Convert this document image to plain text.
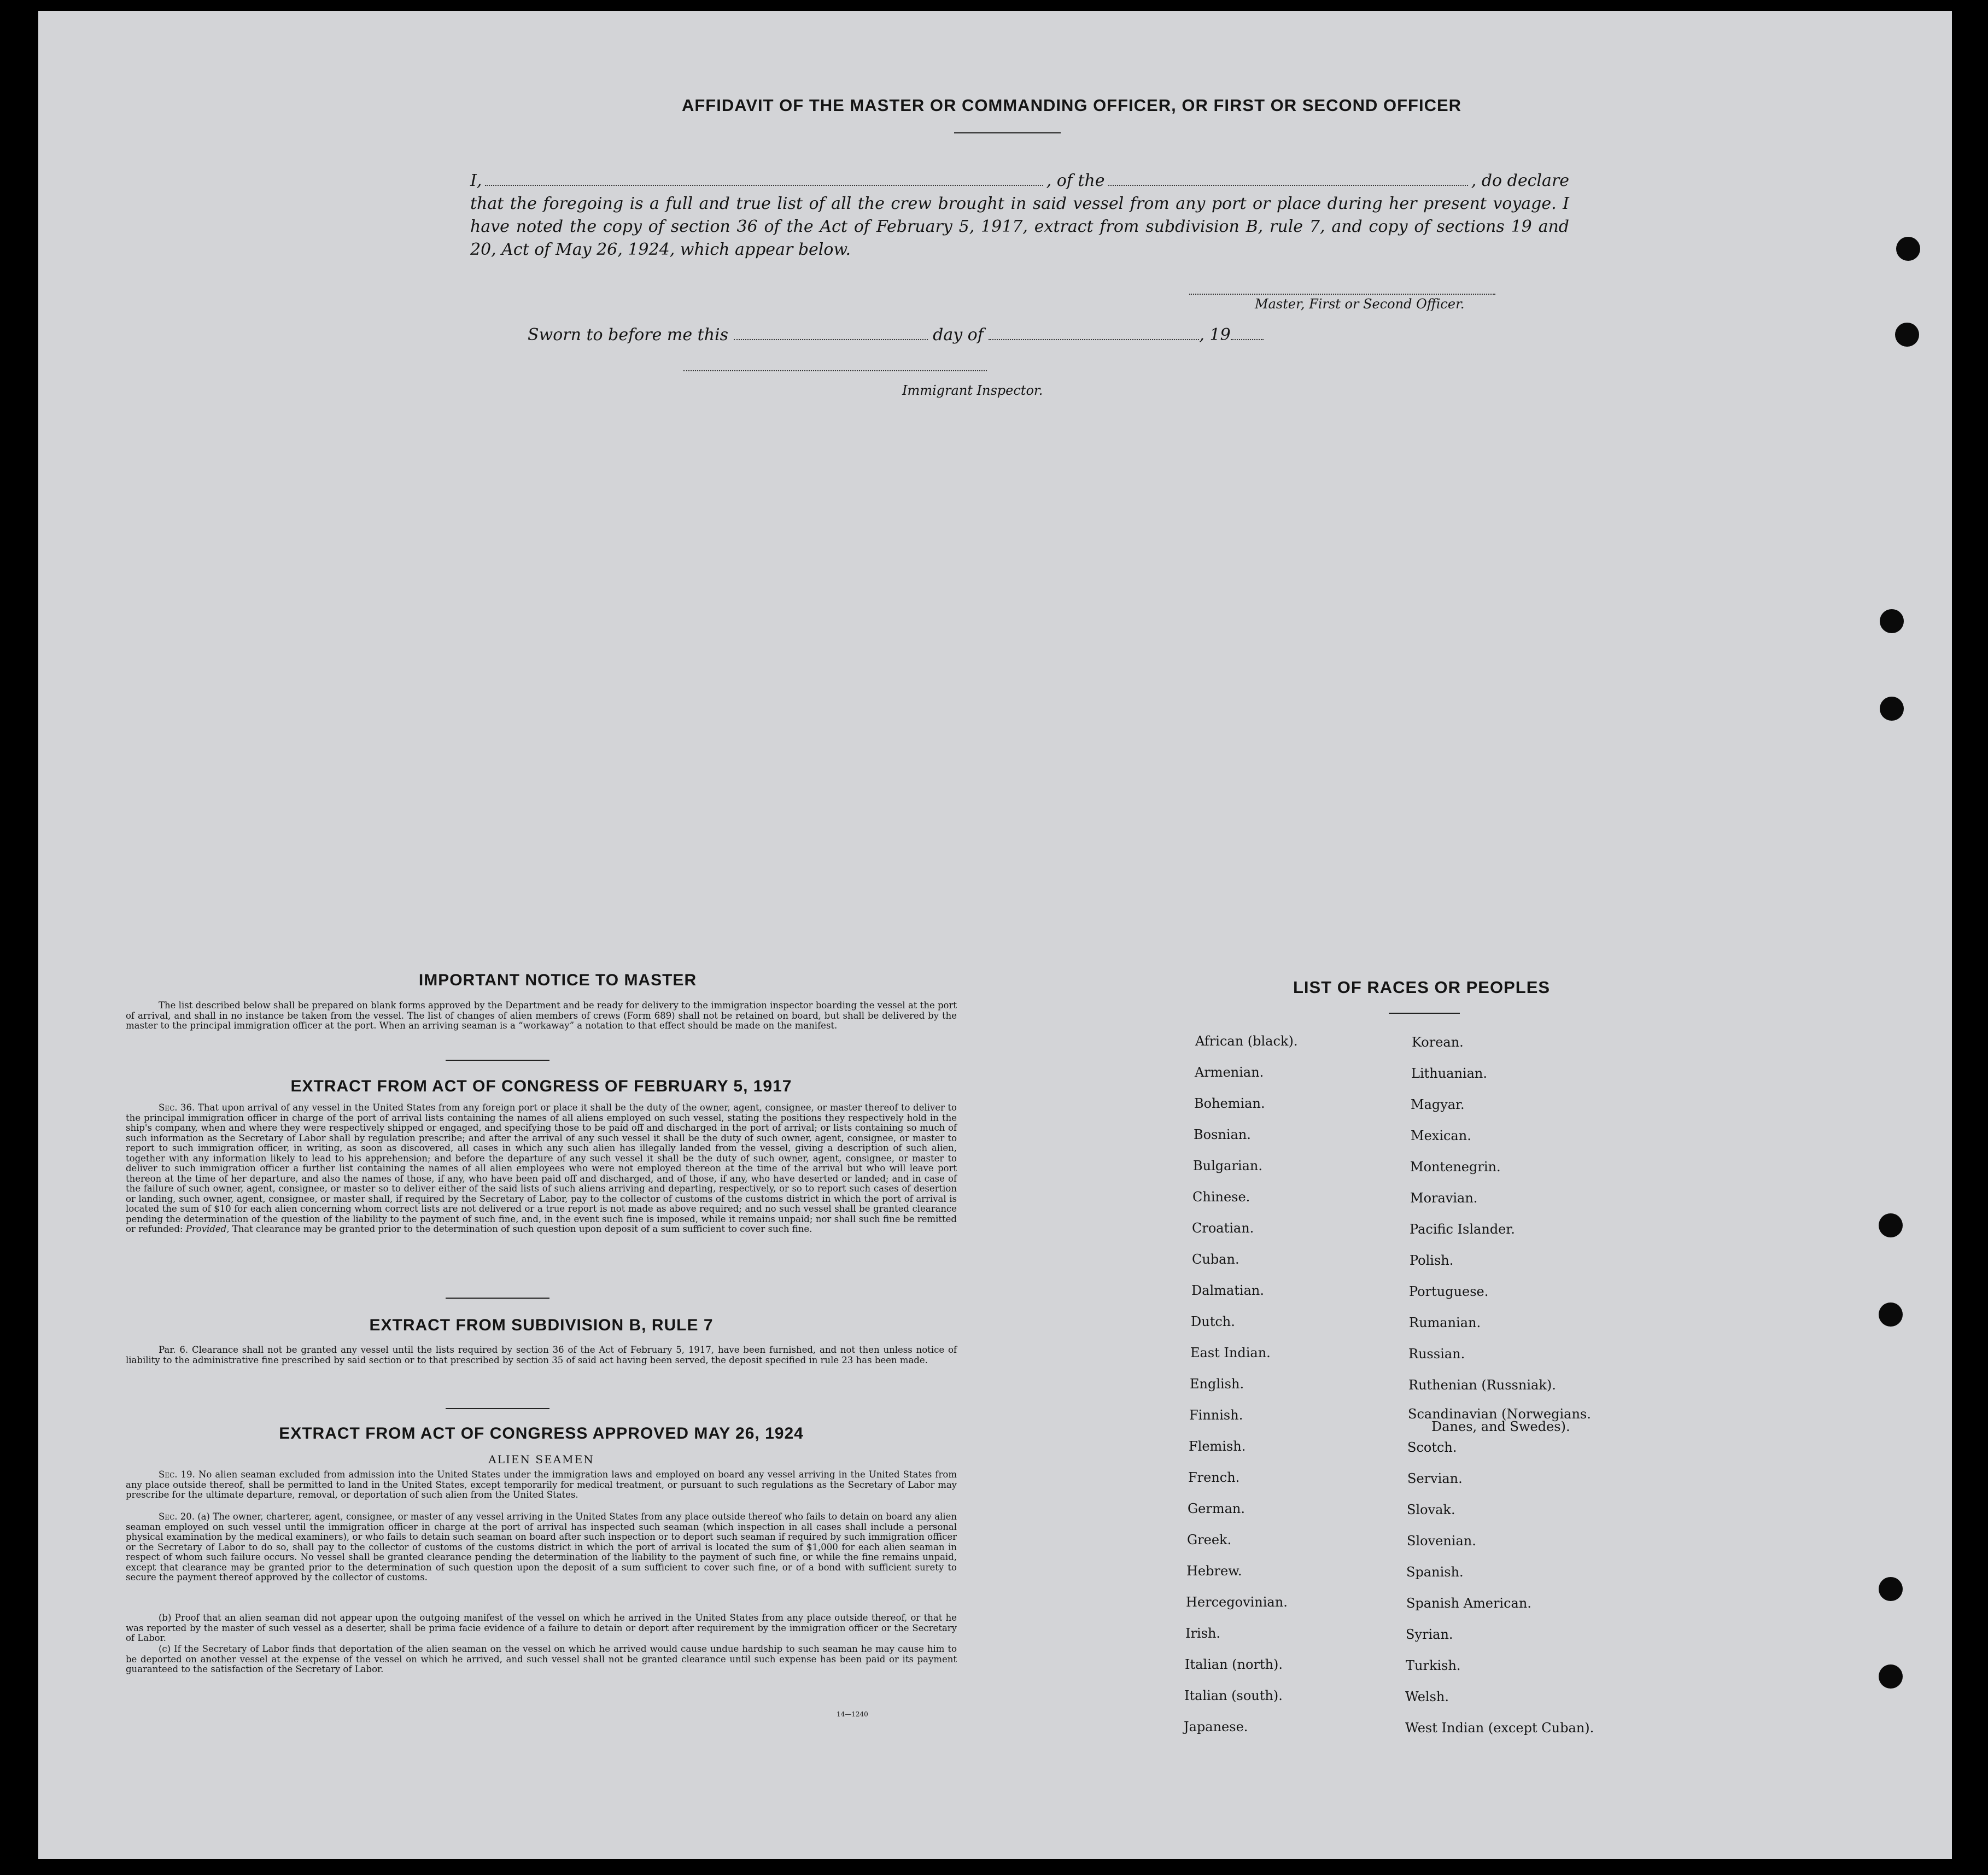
AFFIDAVIT OF THE MASTER OR COMMANDING OFFICER, OR FIRST OR SECOND OFFICER
I,	, of the	, do declare

that the foregoing is a full and true list of all the crew brought in said vessel from any port or place during her present voyage. I have noted the copy of section 36 of the Act of February 5, 1917, extract from subdivision B, rule 7, and copy of sections 19 and 20, Act of May 26, 1924, which appear below.

Master, First or Second Officer.
Sworn to before me this	day of	, 19
Immigrant Inspector.
IMPORTANT NOTICE TO MASTER

The list described below shall be prepared on blank forms approved by the Department and be ready for delivery to the immigration inspector boarding the vessel at the port of arrival, and shall in no instance be taken from the vessel. The list of changes of alien members of crews (Form 689) shall not be retained on board, but shall be delivered by the master to the principal immigration officer at the port. When an arriving seaman is a “workaway” a notation to that effect should be made on the manifest.

EXTRACT FROM ACT OF CONGRESS OF FEBRUARY 5, 1917

Sec. 36. That upon arrival of any vessel in the United States from any foreign port or place it shall be the duty of the owner, agent, consignee, or master thereof to deliver to the principal immigration officer in charge of the port of arrival lists containing the names of all aliens employed on such vessel, stating the positions they respectively hold in the ship's company, when and where they were respectively shipped or engaged, and specifying those to be paid off and discharged in the port of arrival; or lists containing so much of such information as the Secretary of Labor shall by regulation prescribe; and after the arrival of any such vessel it shall be the duty of such owner, agent, consignee, or master to report to such immigration officer, in writing, as soon as discovered, all cases in which any such alien has illegally landed from the vessel, giving a description of such alien, together with any information likely to lead to his apprehension; and before the departure of any such vessel it shall be the duty of such owner, agent, consignee, or master to deliver to such immigration officer a further list containing the names of all alien employees who were not employed thereon at the time of the arrival but who will leave port thereon at the time of her departure, and also the names of those, if any, who have been paid off and discharged, and of those, if any, who have deserted or landed; and in case of the failure of such owner, agent, consignee, or master so to deliver either of the said lists of such aliens arriving and departing, respectively, or so to report such cases of desertion or landing, such owner, agent, consignee, or master shall, if required by the Secretary of Labor, pay to the collector of customs of the customs district in which the port of arrival is located the sum of $10 for each alien concerning whom correct lists are not delivered or a true report is not made as above required; and no such vessel shall be granted clearance pending the determination of the question of the liability to the payment of such fine, and, in the event such fine is imposed, while it remains unpaid; nor shall such fine be remitted or refunded: Provided, That clearance may be granted prior to the determination of such question upon deposit of a sum sufficient to cover such fine.

EXTRACT FROM SUBDIVISION B, RULE 7

Par. 6. Clearance shall not be granted any vessel until the lists required by section 36 of the Act of February 5, 1917, have been furnished, and not then unless notice of liability to the administrative fine prescribed by said section or to that prescribed by section 35 of said act having been served, the deposit specified in rule 23 has been made.

EXTRACT FROM ACT OF CONGRESS APPROVED MAY 26, 1924
ALIEN SEAMEN

Sec. 19. No alien seaman excluded from admission into the United States under the immigration laws and employed on board any vessel arriving in the United States from any place outside thereof, shall be permitted to land in the United States, except temporarily for medical treatment, or pursuant to such regulations as the Secretary of Labor may prescribe for the ultimate departure, removal, or deportation of such alien from the United States.

Sec. 20. (a) The owner, charterer, agent, consignee, or master of any vessel arriving in the United States from any place outside thereof who fails to detain on board any alien seaman employed on such vessel until the immigration officer in charge at the port of arrival has inspected such seaman (which inspection in all cases shall include a personal physical examination by the medical examiners), or who fails to detain such seaman on board after such inspection or to deport such seaman if required by such immigration officer or the Secretary of Labor to do so, shall pay to the collector of customs of the customs district in which the port of arrival is located the sum of $1,000 for each alien seaman in respect of whom such failure occurs. No vessel shall be granted clearance pending the determination of the liability to the payment of such fine, or while the fine remains unpaid, except that clearance may be granted prior to the determination of such question upon the deposit of a sum sufficient to cover such fine, or of a bond with sufficient surety to secure the payment thereof approved by the collector of customs.

(b) Proof that an alien seaman did not appear upon the outgoing manifest of the vessel on which he arrived in the United States from any place outside thereof, or that he was reported by the master of such vessel as a deserter, shall be prima facie evidence of a failure to detain or deport after requirement by the immigration officer or the Secretary of Labor.

(c) If the Secretary of Labor finds that deportation of the alien seaman on the vessel on which he arrived would cause undue hardship to such seaman he may cause him to be deported on another vessel at the expense of the vessel on which he arrived, and such vessel shall not be granted clearance until such expense has been paid or its payment guaranteed to the satisfaction of the Secretary of Labor.

14—1240
LIST OF RACES OR PEOPLES
African (black).
Armenian.
Bohemian.
Bosnian.
Bulgarian.
Chinese.
Croatian.
Cuban.
Dalmatian.
Dutch.
East Indian.
English.
Finnish.
Flemish.
French.
German.
Greek.
Hebrew.
Hercegovinian.
Irish.
Italian (north).
Italian (south).
Japanese.
Korean.
Lithuanian.
Magyar.
Mexican.
Montenegrin.
Moravian.
Pacific Islander.
Polish.
Portuguese.
Rumanian.
Russian.
Ruthenian (Russniak).
Scandinavian (Norwegians.
Danes, and Swedes).
Scotch.
Servian.
Slovak.
Slovenian.
Spanish.
Spanish American.
Syrian.
Turkish.
Welsh.
West Indian (except Cuban).
